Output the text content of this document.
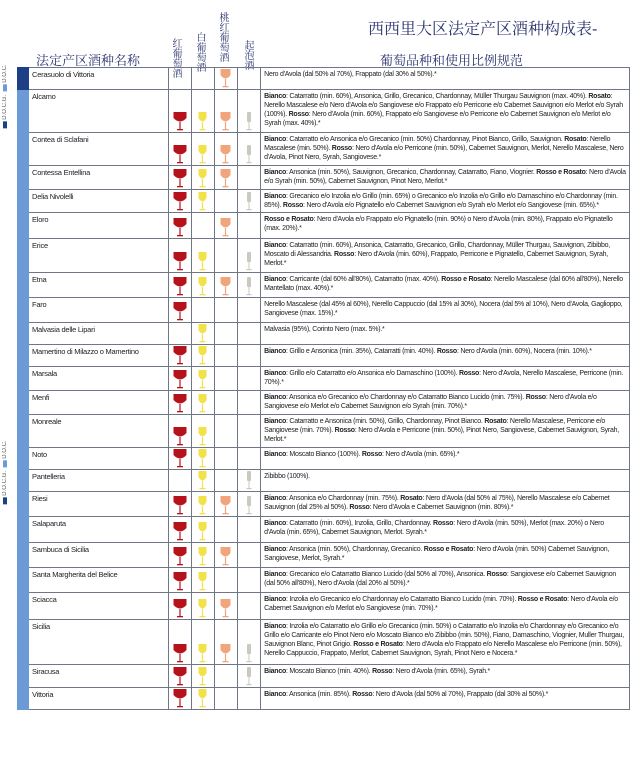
西西里大区法定产区酒种构成表-
法定产区酒种名称
红葡萄酒
白葡萄酒
桃红葡萄酒
起泡酒	葡萄品种和使用比例规范
D.O.C.G.
D.O.C.
D.O.C.G.
D.O.C.
	Cerasuolo di Vittoria					Nero d'Avola (dal 50% al 70%), Frappato (dal 30% al 50%).*
	Alcamo					Bianco: Catarratto (min. 60%), Ansonica, Grillo, Grecanico, Chardonnay, Müller Thurgau Sauvignon (max. 40%). Rosato: Nerello Mascalese e/o Nero d'Avola e/o Sangiovese e/o Frappato e/o Perricone e/o Cabernet Sauvignon e/o Merlot e/o Syrah (100%). Rosso: Nero d'Avola (min. 60%), Frappato e/o Sangiovese e/o Perricone e/o Cabernet Sauvignon e/o Merlot e/o Syrah (max. 40%).*
	Contea di Sclafani					Bianco: Catarratto e/o Ansonica e/o Grecanico (min. 50%) Chardonnay, Pinot Bianco, Grillo, Sauvignon. Rosato: Nerello Mascalese (min. 50%). Rosso: Nero d'Avola e/o Perricone (min. 50%), Cabernet Sauvignon, Merlot, Nerello Mascalese, Nero d'Avola, Pinot Nero, Syrah, Sangiovese.*
	Contessa Entellina					Bianco: Ansonica (min. 50%), Sauvignon, Grecanico, Chardonnay, Catarratto, Fiano, Viognier. Rosso e Rosato: Nero d'Avola e/o Syrah (min. 50%), Cabernet Sauvignon, Pinot Nero, Merlot.*
	Delia Nivolelli					Bianco: Grecanico e/o Inzolia e/o Grillo (min. 65%) o Grecanico e/o Inzolia e/o Grillo e/o Damaschino e/o Chardonnay (min. 85%). Rosso: Nero d'Avola e/o Pignatello e/o Cabernet Sauvignon e/o Syrah e/o Merlot e/o Sangiovese (min. 65%).*
	Eloro					Rosso e Rosato: Nero d'Avola e/o Frappato e/o Pignatello (min. 90%) o Nero d'Avola (min. 80%), Frappato e/o Pignatello (max. 20%).*
	Erice					Bianco: Catarratto (min. 60%), Ansonica, Catarratto, Grecanico, Grillo, Chardonnay, Müller Thurgau, Sauvignon, Zibibbo, Moscato di Alessandria. Rosso: Nero d'Avola (min. 60%), Frappato, Perricone e Pignatello, Cabernet Sauvignon, Syrah, Merlot.*
	Etna					Bianco: Carricante (dal 60% all'80%), Catarratto (max. 40%). Rosso e Rosato: Nerello Mascalese (dal 60% all'80%), Nerello Mantellato (max. 40%).*
	Faro					Nerello Mascalese (dal 45% al 60%), Nerello Cappuccio (dal 15% al 30%), Nocera (dal 5% al 10%), Nero d'Avola, Gaglioppo, Sangiovese (max. 15%).*
	Malvasia delle Lipari					Malvasia (95%), Corinto Nero (max. 5%).*
	Mamertino di Milazzo o Mamertino					Bianco: Grillo e Ansonica (min. 35%), Catarratti (min. 40%). Rosso: Nero d'Avola (min. 60%), Nocera (min. 10%).*
	Marsala					Bianco: Grillo e/o Catarratto e/o Ansonica e/o Damaschino (100%). Rosso: Nero d'Avola, Nerello Mascalese, Perricone (min. 70%).*
	Menfi					Bianco: Ansonica e/o Grecanico e/o Chardonnay e/o Catarratto Bianco Lucido (min. 75%). Rosso: Nero d'Avola e/o Sangiovese e/o Merlot e/o Cabernet Sauvignon e/o Syrah (min. 70%).*
	Monreale					Bianco: Catarratto e Ansonica (min. 50%), Grillo, Chardonnay, Pinot Bianco. Rosato: Nerello Mascalese, Perricone e/o Sangiovese (min. 70%). Rosso: Nero d'Avola e Perricone (min. 50%), Pinot Nero, Sangiovese, Cabernet Sauvignon, Syrah, Merlot.*
	Noto					Bianco: Moscato Bianco (100%). Rosso: Nero d'Avola (min. 65%).*
	Pantelleria					Zibibbo (100%).
	Riesi					Bianco: Ansonica e/o Chardonnay (min. 75%). Rosato: Nero d'Avola (dal 50% al 75%), Nerello Mascalese e/o Cabernet Sauvignon (dal 25% al 50%). Rosso: Nero d'Avola e Cabernet Sauvignon (min. 80%).*
	Salaparuta					Bianco: Catarratto (min. 60%), Inzolia, Grillo, Chardonnay. Rosso: Nero d'Avola (min. 50%), Merlot (max. 20%) o Nero d'Avola (min. 65%), Cabernet Sauvignon, Merlot. Syrah.*
	Sambuca di Sicilia					Bianco: Ansonica (min. 50%), Chardonnay, Grecanico. Rosso e Rosato: Nero d'Avola (min. 50%) Cabernet Sauvignon, Sangiovese, Merlot, Syrah.*
	Santa Margherita del Belice					Bianco: Grecanico e/o Catarratto Bianco Lucido (dal 50% al 70%), Ansonica. Rosso: Sangiovese e/o Cabernet Sauvignon (dal 50% all'80%), Nero d'Avola (dal 20% al 50%).*
	Sciacca					Bianco: Inzolia e/o Grecanico e/o Chardonnay e/o Catarratto Bianco Lucido (min. 70%). Rosso e Rosato: Nero d'Avola e/o Cabernet Sauvignon e/o Merlot e/o Sangiovese (min. 70%).*
	Sicilia					Bianco: Inzolia e/o Catarratto e/o Grillo e/o Grecanico (min. 50%) o Catarratto e/o Inzolia e/o Chardonnay e/o Grecanico e/o Grillo e/o Carricante e/o Pinot Nero e/o Moscato Bianco e/o Zibibbo (min. 50%), Fiano, Damaschino, Viognier, Muller Thurgau, Sauvignon Blanc, Pinot Grigio. Rosso e Rosato: Nero d'Avola e/o Frappato e/o Nerello Mascalese e/o Perricone (min. 50%), Nerello Cappuccio, Frappato, Merlot, Cabernet Sauvignon, Syrah, Pinot Nero e Nocera.*
	Siracusa					Bianco: Moscato Bianco (min. 40%). Rosso: Nero d'Avola (min. 65%), Syrah.*
	Vittoria					Bianco: Ansonica (min. 85%). Rosso: Nero d'Avola (dal 50% al 70%), Frappato (dal 30% al 50%).*
